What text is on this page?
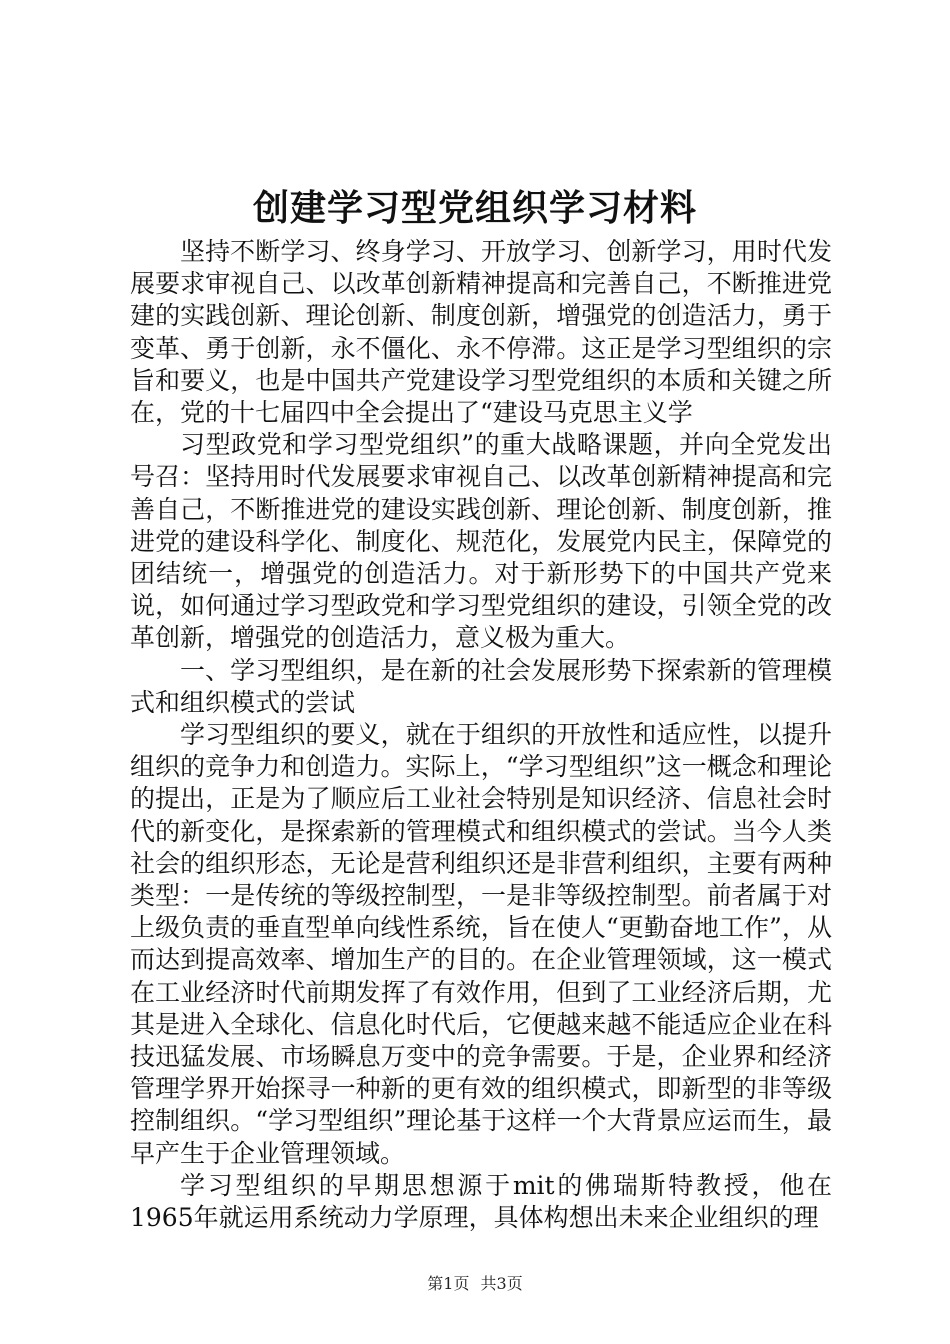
创建学习型党组织学习材料

坚持不断学习、终身学习、开放学习、创新学习，用时代发展要求审视自己、以改革创新精神提高和完善自己，不断推进党建的实践创新、理论创新、制度创新，增强党的创造活力，勇于变革、勇于创新，永不僵化、永不停滞。这正是学习型组织的宗旨和要义，也是中国共产党建设学习型党组织的本质和关键之所在，党的十七届四中全会提出了“建设马克思主义学

习型政党和学习型党组织”的重大战略课题，并向全党发出号召：坚持用时代发展要求审视自己、以改革创新精神提高和完善自己，不断推进党的建设实践创新、理论创新、制度创新，推进党的建设科学化、制度化、规范化，发展党内民主，保障党的团结统一，增强党的创造活力。对于新形势下的中国共产党来说，如何通过学习型政党和学习型党组织的建设，引领全党的改革创新，增强党的创造活力，意义极为重大。

一、学习型组织，是在新的社会发展形势下探索新的管理模式和组织模式的尝试

学习型组织的要义，就在于组织的开放性和适应性，以提升组织的竞争力和创造力。实际上，“学习型组织”这一概念和理论的提出，正是为了顺应后工业社会特别是知识经济、信息社会时代的新变化，是探索新的管理模式和组织模式的尝试。当今人类社会的组织形态，无论是营利组织还是非营利组织，主要有两种类型：一是传统的等级控制型，一是非等级控制型。前者属于对上级负责的垂直型单向线性系统，旨在使人“更勤奋地工作”，从而达到提高效率、增加生产的目的。在企业管理领域，这一模式在工业经济时代前期发挥了有效作用，但到了工业经济后期，尤其是进入全球化、信息化时代后，它便越来越不能适应企业在科技迅猛发展、市场瞬息万变中的竞争需要。于是，企业界和经济管理学界开始探寻一种新的更有效的组织模式，即新型的非等级控制组织。“学习型组织”理论基于这样一个大背景应运而生，最早产生于企业管理领域。

学习型组织的早期思想源于mit的佛瑞斯特教授，他在1965年就运用系统动力学原理，具体构想出未来企业组织的理

第1页 共3页
